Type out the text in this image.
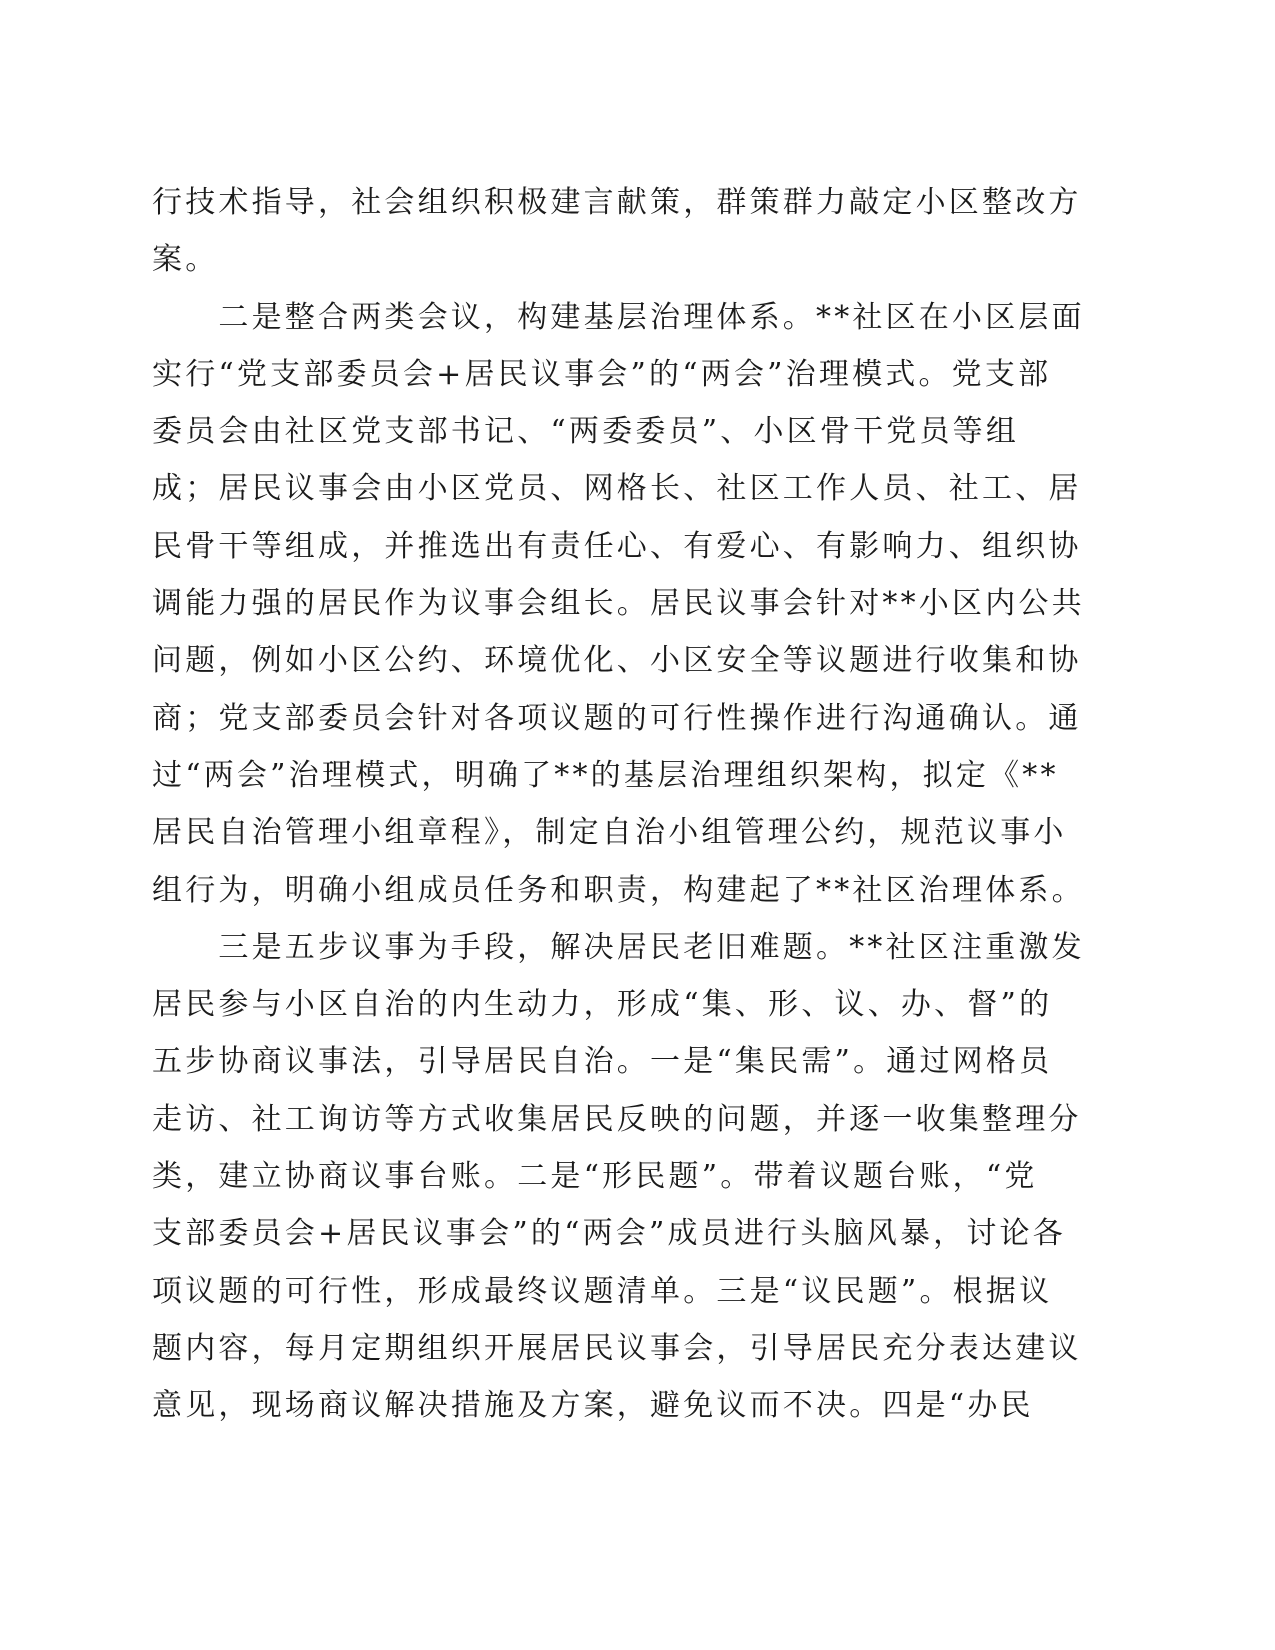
行技术指导，社会组织积极建言献策，群策群力敲定小区整改方
案。
　　二是整合两类会议，构建基层治理体系。**社区在小区层面
实行“党支部委员会+居民议事会”的“两会”治理模式。党支部
委员会由社区党支部书记、“两委委员”、小区骨干党员等组
成；居民议事会由小区党员、网格长、社区工作人员、社工、居
民骨干等组成，并推选出有责任心、有爱心、有影响力、组织协
调能力强的居民作为议事会组长。居民议事会针对**小区内公共
问题，例如小区公约、环境优化、小区安全等议题进行收集和协
商；党支部委员会针对各项议题的可行性操作进行沟通确认。通
过“两会”治理模式，明确了**的基层治理组织架构，拟定《**
居民自治管理小组章程》，制定自治小组管理公约，规范议事小
组行为，明确小组成员任务和职责，构建起了**社区治理体系。
　　三是五步议事为手段，解决居民老旧难题。**社区注重激发
居民参与小区自治的内生动力，形成“集、形、议、办、督”的
五步协商议事法，引导居民自治。一是“集民需”。通过网格员
走访、社工询访等方式收集居民反映的问题，并逐一收集整理分
类，建立协商议事台账。二是“形民题”。带着议题台账，“党
支部委员会+居民议事会”的“两会”成员进行头脑风暴，讨论各
项议题的可行性，形成最终议题清单。三是“议民题”。根据议
题内容，每月定期组织开展居民议事会，引导居民充分表达建议
意见，现场商议解决措施及方案，避免议而不决。四是“办民
